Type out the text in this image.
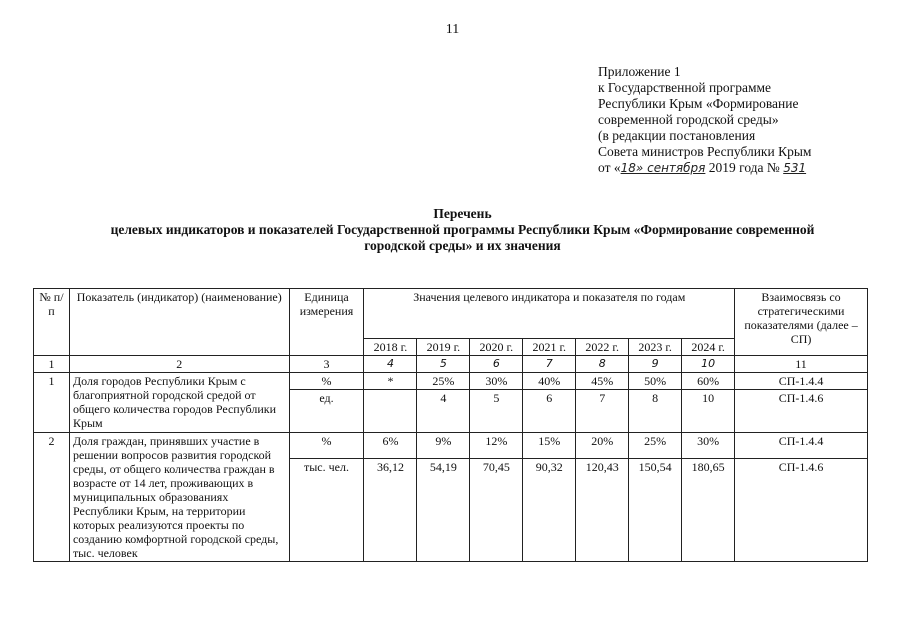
11
Приложение 1
к Государственной программе
Республики Крым «Формирование
современной городской среды»
(в редакции постановления
Совета министров Республики Крым
от «18» сентября 2019 года № 531
Перечень
целевых индикаторов и показателей Государственной программы Республики Крым «Формирование современной
городской среды» и их значения
№ п/п	Показатель (индикатор) (наименование)	Единица измерения	Значения целевого индикатора и показателя по годам							Взаимосвязь со стратегическими показателями (далее – СП)
			2018 г.	2019 г.	2020 г.	2021 г.	2022 г.	2023 г.	2024 г.	
1	2	3	4	5	6	7	8	9	10	11
1	Доля городов Республики Крым с благоприятной городской средой от общего количества городов Республики Крым	%	*	25%	30%	40%	45%	50%	60%	СП-1.4.4
		ед.		4	5	6	7	8	10	СП-1.4.6
2	Доля граждан, принявших участие в решении вопросов развития городской среды, от общего количества граждан в возрасте от 14 лет, проживающих в муниципальных образованиях Республики Крым, на территории которых реализуются проекты по созданию комфортной городской среды, тыс. человек	%	6%	9%	12%	15%	20%	25%	30%	СП-1.4.4
		тыс. чел.	36,12	54,19	70,45	90,32	120,43	150,54	180,65	СП-1.4.6
